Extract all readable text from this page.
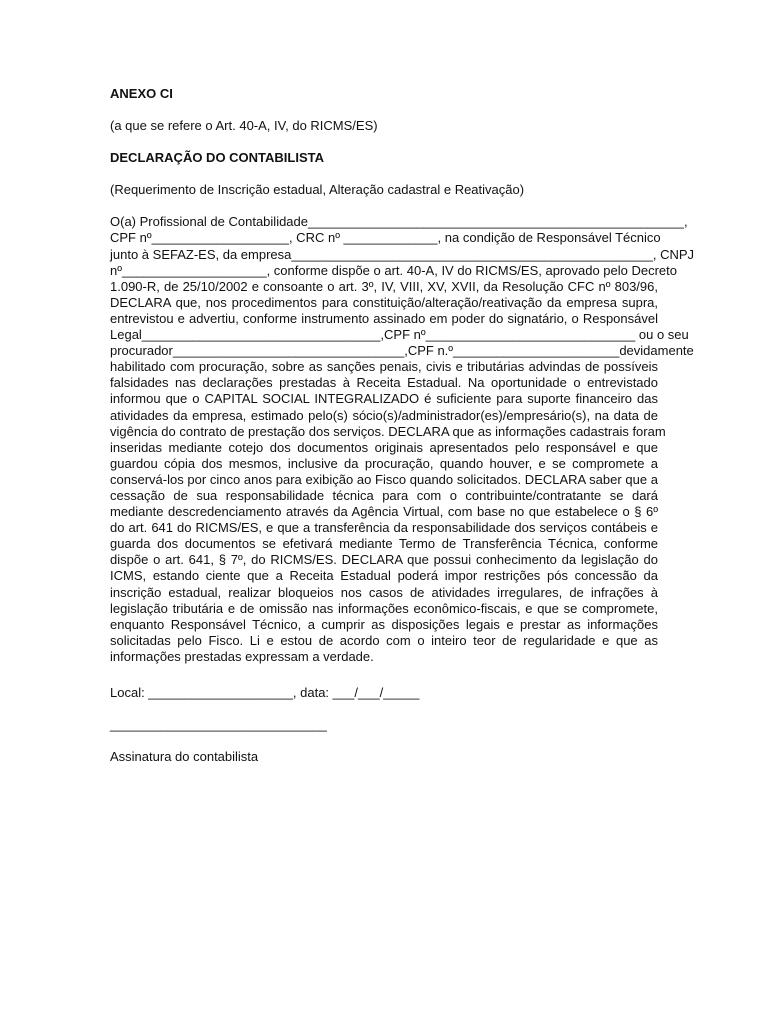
ANEXO CI

(a que se refere o Art. 40-A, IV, do RICMS/ES)

DECLARAÇÃO DO CONTABILISTA

(Requerimento de Inscrição estadual, Alteração cadastral e Reativação)

O(a) Profissional de Contabilidade____________________________________________________,
CPF nº___________________, CRC nº _____________, na condição de Responsável Técnico
junto à SEFAZ-ES, da empresa__________________________________________________, CNPJ
nº____________________, conforme dispõe o art. 40-A, IV do RICMS/ES, aprovado pelo Decreto
1.090-R, de 25/10/2002 e consoante o art. 3º, IV, VIII, XV, XVII, da Resolução CFC nº 803/96,
DECLARA que, nos procedimentos para constituição/alteração/reativação da empresa supra,
entrevistou e advertiu, conforme instrumento assinado em poder do signatário, o Responsável
Legal_________________________________,CPF nº_____________________________ ou o seu
procurador________________________________,CPF n.º_______________________devidamente
habilitado com procuração, sobre as sanções penais, civis e tributárias advindas de possíveis
falsidades nas declarações prestadas à Receita Estadual. Na oportunidade o entrevistado
informou que o CAPITAL SOCIAL INTEGRALIZADO é suficiente para suporte financeiro das
atividades da empresa, estimado pelo(s) sócio(s)/administrador(es)/empresário(s), na data de
vigência do contrato de prestação dos serviços. DECLARA que as informações cadastrais foram
inseridas mediante cotejo dos documentos originais apresentados pelo responsável e que
guardou cópia dos mesmos, inclusive da procuração, quando houver, e se compromete a
conservá-los por cinco anos para exibição ao Fisco quando solicitados. DECLARA saber que a
cessação de sua responsabilidade técnica para com o contribuinte/contratante se dará
mediante descredenciamento através da Agência Virtual, com base no que estabelece o § 6º
do art. 641 do RICMS/ES, e que a transferência da responsabilidade dos serviços contábeis e
guarda dos documentos se efetivará mediante Termo de Transferência Técnica, conforme
dispõe o art. 641, § 7º, do RICMS/ES. DECLARA que possui conhecimento da legislação do
ICMS, estando ciente que a Receita Estadual poderá impor restrições pós concessão da
inscrição estadual, realizar bloqueios nos casos de atividades irregulares, de infrações à
legislação tributária e de omissão nas informações econômico-fiscais, e que se compromete,
enquanto Responsável Técnico, a cumprir as disposições legais e prestar as informações
solicitadas pelo Fisco. Li e estou de acordo com o inteiro teor de regularidade e que as
informações prestadas expressam a verdade.

Local: ____________________, data: ___/___/_____

______________________________

Assinatura do contabilista
